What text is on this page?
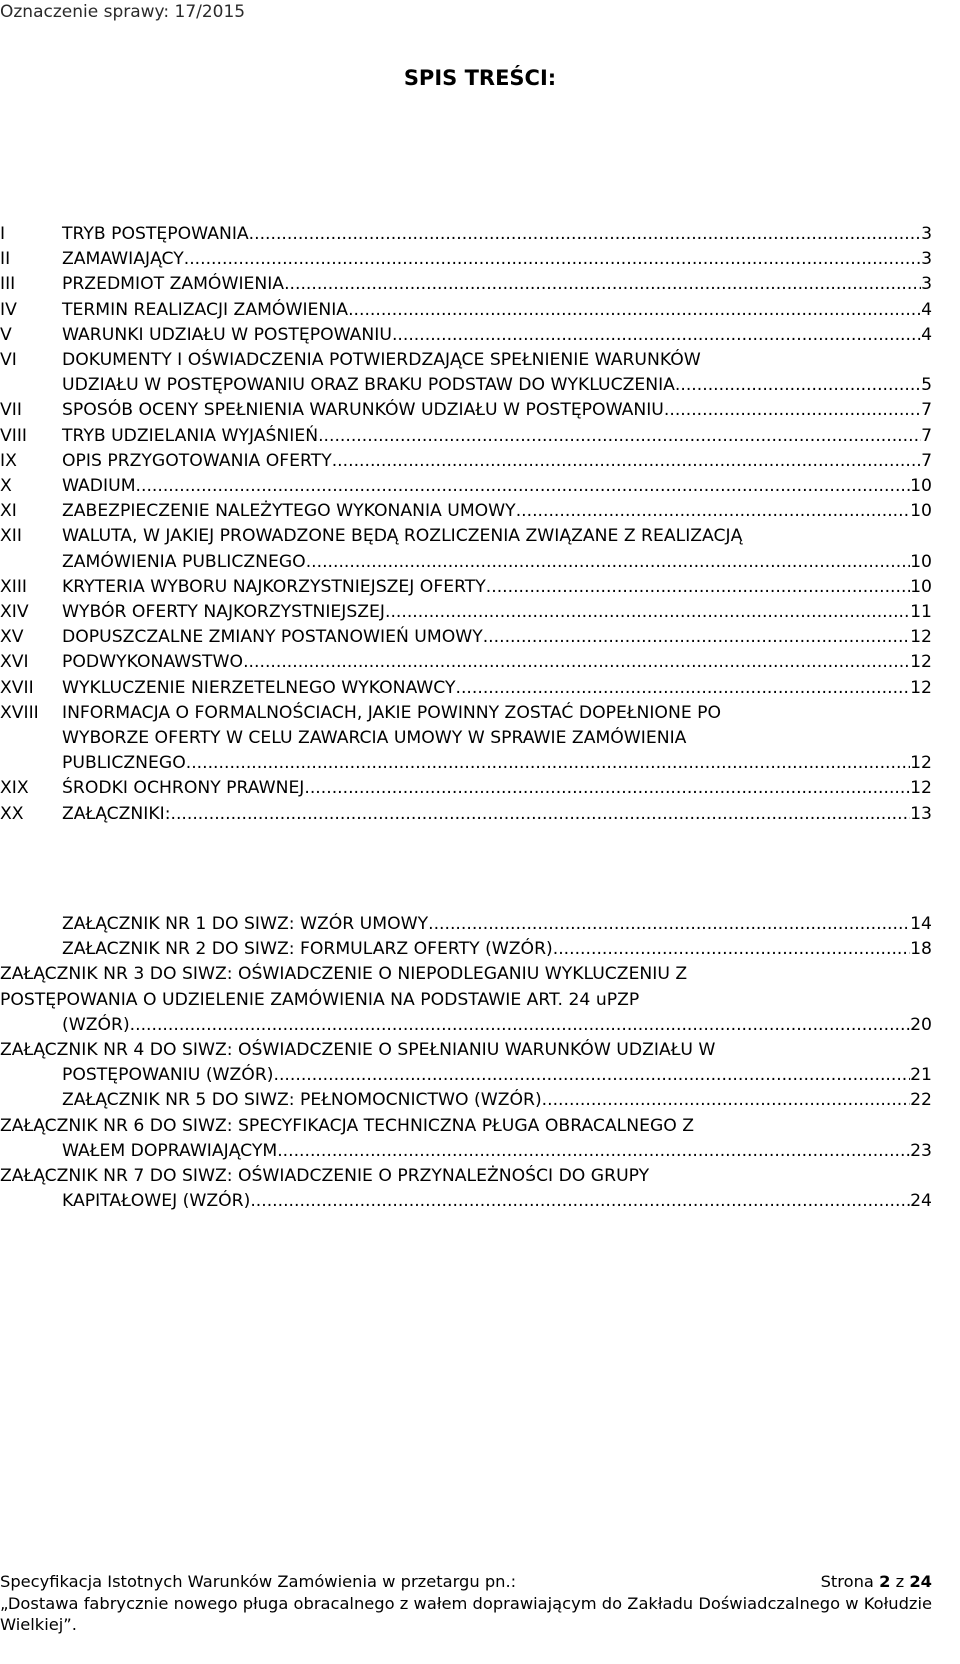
Oznaczenie sprawy: 17/2015
SPIS TREŚCI:
I	TRYB POSTĘPOWANIA .....	3
II	ZAMAWIAJĄCY .....	3
III	PRZEDMIOT ZAMÓWIENIA .....	3
IV	TERMIN REALIZACJI ZAMÓWIENIA .....	4
V	WARUNKI UDZIAŁU W POSTĘPOWANIU .....	4
VI	DOKUMENTY I OŚWIADCZENIA POTWIERDZAJĄCE SPEŁNIENIE WARUNKÓW
UDZIAŁU W POSTĘPOWANIU ORAZ BRAKU PODSTAW DO WYKLUCZENIA .....	5
VII	SPOSÓB OCENY SPEŁNIENIA WARUNKÓW UDZIAŁU W POSTĘPOWANIU .....	7
VIII	TRYB UDZIELANIA WYJAŚNIEŃ .....	7
IX	OPIS PRZYGOTOWANIA OFERTY .....	7
X	WADIUM .....	10
XI	ZABEZPIECZENIE NALEŻYTEGO WYKONANIA UMOWY .....	10
XII	WALUTA, W JAKIEJ PROWADZONE BĘDĄ ROZLICZENIA ZWIĄZANE Z REALIZACJĄ
ZAMÓWIENIA PUBLICZNEGO .....	10
XIII	KRYTERIA WYBORU NAJKORZYSTNIEJSZEJ OFERTY .....	10
XIV	WYBÓR OFERTY NAJKORZYSTNIEJSZEJ .....	11
XV	DOPUSZCZALNE ZMIANY POSTANOWIEŃ UMOWY .....	12
XVI	PODWYKONAWSTWO .....	12
XVII	WYKLUCZENIE NIERZETELNEGO WYKONAWCY .....	12
XVIII	INFORMACJA O FORMALNOŚCIACH, JAKIE POWINNY ZOSTAĆ DOPEŁNIONE PO
WYBORZE OFERTY W CELU ZAWARCIA UMOWY W SPRAWIE ZAMÓWIENIA
PUBLICZNEGO .....	12
XIX	ŚRODKI OCHRONY PRAWNEJ .....	12
XX	ZAŁĄCZNIKI: .....	13
ZAŁĄCZNIK NR 1 DO SIWZ: WZÓR UMOWY .....	14
ZAŁACZNIK NR 2 DO SIWZ: FORMULARZ OFERTY (WZÓR) .....	18
ZAŁĄCZNIK NR 3 DO SIWZ: OŚWIADCZENIE O NIEPODLEGANIU WYKLUCZENIU Z
POSTĘPOWANIA O UDZIELENIE ZAMÓWIENIA NA PODSTAWIE ART. 24 uPZP
(WZÓR) .....	20
ZAŁĄCZNIK NR 4 DO SIWZ: OŚWIADCZENIE O SPEŁNIANIU WARUNKÓW UDZIAŁU W
POSTĘPOWANIU (WZÓR) .....	21
ZAŁĄCZNIK NR 5 DO SIWZ: PEŁNOMOCNICTWO (WZÓR) .....	22
ZAŁĄCZNIK NR 6 DO SIWZ: SPECYFIKACJA TECHNICZNA PŁUGA OBRACALNEGO Z
WAŁEM DOPRAWIAJĄCYM .....	23
ZAŁĄCZNIK NR 7 DO SIWZ: OŚWIADCZENIE O PRZYNALEŻNOŚCI DO GRUPY
KAPITAŁOWEJ (WZÓR) .....	24
Specyfikacja Istotnych Warunków Zamówienia w przetargu pn.:	Strona 2 z 24
„Dostawa fabrycznie nowego pługa obracalnego z wałem doprawiającym do Zakładu Doświadczalnego w Kołudzie Wielkiej”.
